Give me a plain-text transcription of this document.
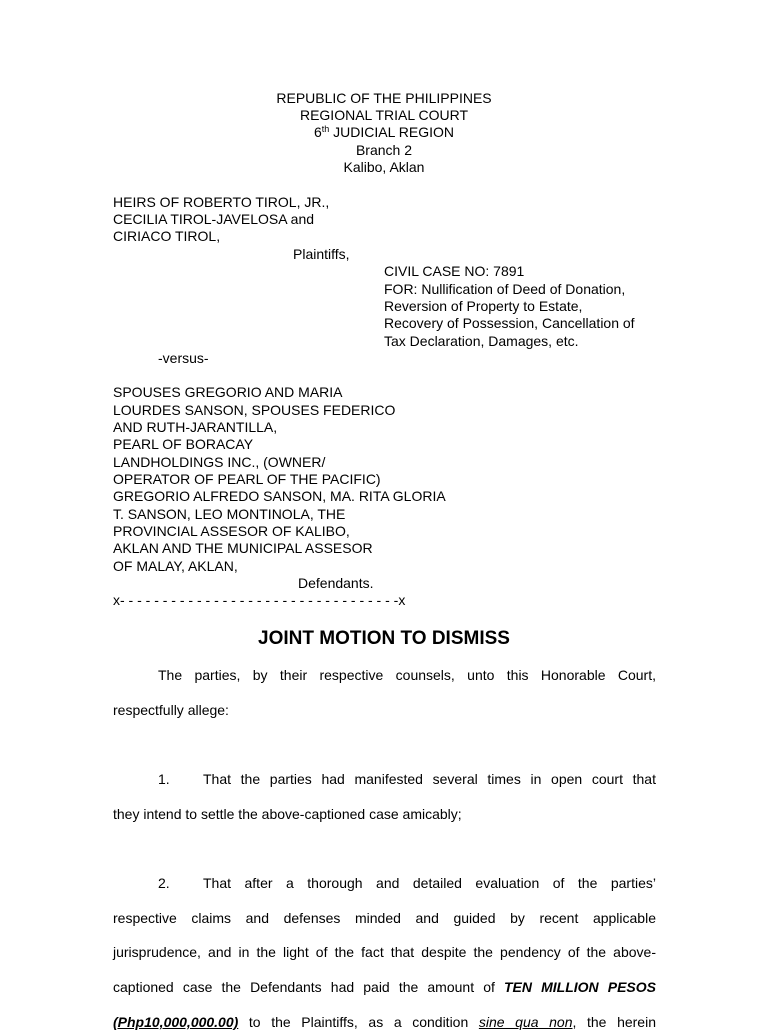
REPUBLIC OF THE PHILIPPINES
REGIONAL TRIAL COURT
6th JUDICIAL REGION
Branch 2
Kalibo, Aklan
HEIRS OF ROBERTO TIROL, JR.,
CECILIA TIROL-JAVELOSA and
CIRIACO TIROL,
Plaintiffs,
CIVIL CASE NO: 7891
FOR: Nullification of Deed of Donation,
Reversion of Property to Estate,
Recovery of Possession, Cancellation of
Tax Declaration, Damages, etc.
-versus-
SPOUSES GREGORIO AND MARIA
LOURDES SANSON, SPOUSES FEDERICO
AND RUTH-JARANTILLA,
PEARL OF BORACAY
LANDHOLDINGS INC., (OWNER/
OPERATOR OF PEARL OF THE PACIFIC)
GREGORIO ALFREDO SANSON, MA. RITA GLORIA
T. SANSON, LEO MONTINOLA, THE
PROVINCIAL ASSESOR OF KALIBO,
AKLAN AND THE MUNICIPAL ASSESOR
OF MALAY, AKLAN,
Defendants.
x- - - - - - - - - - - - - - - - - - - - - - - - - - - - - - - - -x
JOINT MOTION TO DISMISS
The parties, by their respective counsels, unto this Honorable Court,
respectfully allege:
1. That the parties had manifested several times in open court that
they intend to settle the above-captioned case amicably;
2. That after a thorough and detailed evaluation of the parties’
respective claims and defenses minded and guided by recent applicable
jurisprudence, and in the light of the fact that despite the pendency of the above-
captioned case the Defendants had paid the amount of TEN MILLION PESOS
(Php10,000,000.00) to the Plaintiffs, as a condition sine qua non, the herein
